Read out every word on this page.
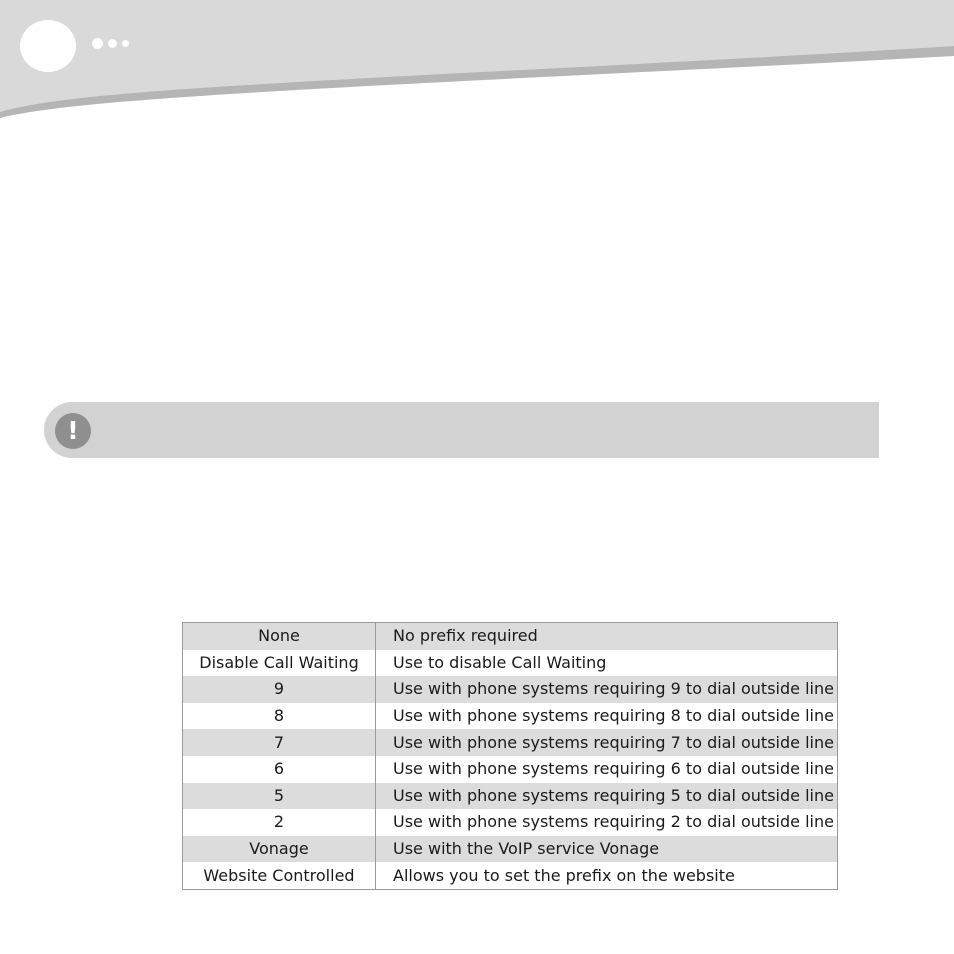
!
None	No prefix required
Disable Call Waiting	Use to disable Call Waiting
9	Use with phone systems requiring 9 to dial outside line
8	Use with phone systems requiring 8 to dial outside line
7	Use with phone systems requiring 7 to dial outside line
6	Use with phone systems requiring 6 to dial outside line
5	Use with phone systems requiring 5 to dial outside line
2	Use with phone systems requiring 2 to dial outside line
Vonage	Use with the VoIP service Vonage
Website Controlled	Allows you to set the prefix on the website
